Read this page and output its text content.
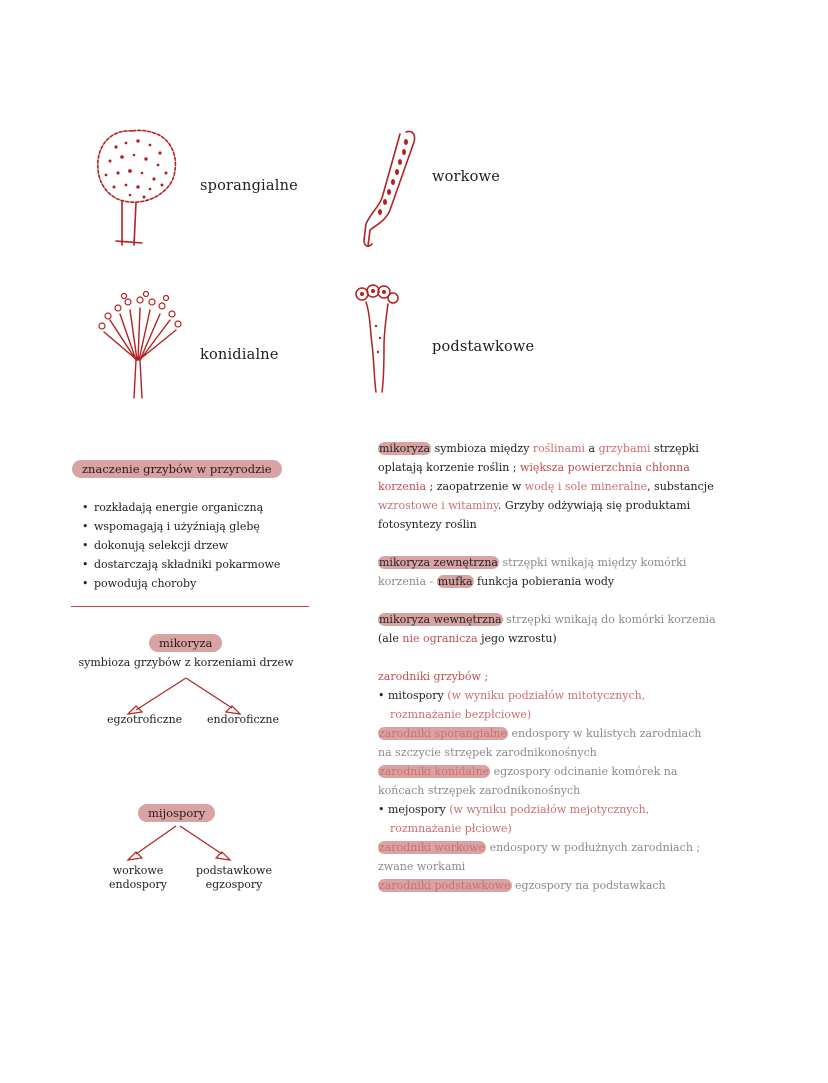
sporangialne
workowe
konidialne	podstawkowe
znaczenie grzybów w przyrodzie
• rozkładają energie organiczną
• wspomagają i użyźniają glebę
• dokonują selekcji drzew
• dostarczają składniki pokarmowe
• powodują choroby
mikoryza
symbioza grzybów z korzeniami drzew
egzotroficzne endoroficzne
mijospory
workowe
endospory
podstawkowe
egzospory
mikoryza symbioza między roślinami a grzybami strzępki
oplatają korzenie roślin ; większa powierzchnia chłonna
korzenia ; zaopatrzenie w wodę i sole mineralne, substancje
wzrostowe i witaminy. Grzyby odżywiają się produktami
fotosyntezy roślin
mikoryza zewnętrzna strzępki wnikają między komórki
korzenia - mufka funkcja pobierania wody
mikoryza wewnętrzna strzępki wnikają do komórki korzenia
(ale nie ogranicza jego wzrostu)
zarodniki grzybów ;
• mitospory (w wyniku podziałów mitotycznych,
rozmnażanie bezpłciowe)
zarodniki sporangialne endospory w kulistych zarodniach
na szczycie strzępek zarodnikonośnych
zarodniki konidalne egzospory odcinanie komórek na
końcach strzępek zarodnikonośnych
• mejospory (w wyniku podziałów mejotycznych,
rozmnażanie płciowe)
zarodniki workowe endospory w podłużnych zarodniach ;
zwane workami
zarodniki podstawkowe egzospory na podstawkach
